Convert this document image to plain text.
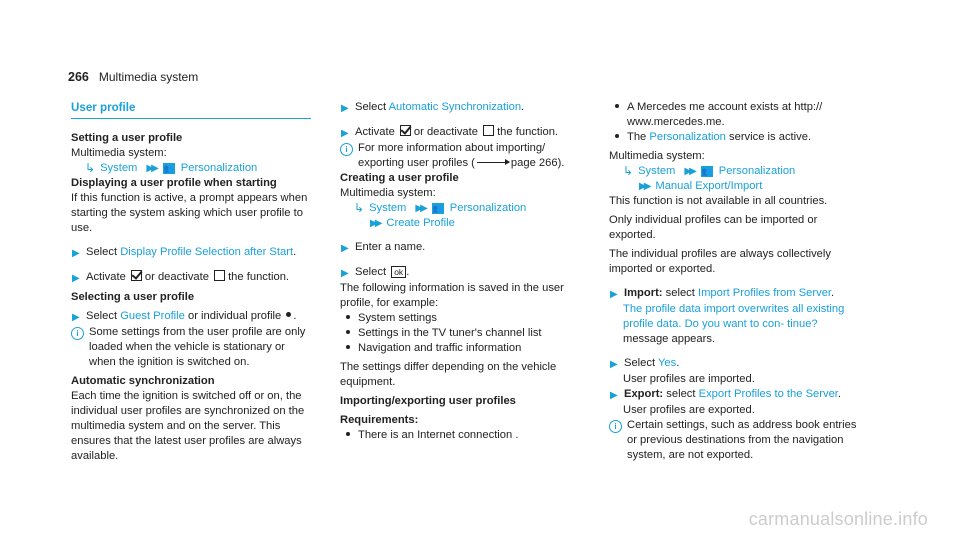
266 Multimedia system
User profile

Setting a user profile

Multimedia system:

↳ System ▶▶ 👥 Personalization

Displaying a user profile when starting

If this function is active, a prompt appears when starting the system asking which user profile to use.

▶ Select Display Profile Selection after Start.
▶ Activate or deactivate the function.

Selecting a user profile

▶ Select Guest Profile or individual profile .
i Some settings from the user profile are only loaded when the vehicle is stationary or when the ignition is switched on.

Automatic synchronization

Each time the ignition is switched off or on, the individual user profiles are synchronized on the multimedia system and on the server. This ensures that the latest user profiles are always available.

▶ Select Automatic Synchronization.
▶ Activate or deactivate the function.
i For more information about importing/ exporting user profiles (	page 266).

Creating a user profile

Multimedia system:

↳ System ▶▶ 👥 Personalization
▶▶ Create Profile
▶ Enter a name.
▶ Select ok .

The following information is saved in the user profile, for example:

System settings
Settings in the TV tuner's channel list
Navigation and traffic information

The settings differ depending on the vehicle equipment.

Importing/exporting user profiles

Requirements:

There is an Internet connection .
A Mercedes me account exists at http:// www.mercedes.me.
The Personalization service is active.

Multimedia system:

↳ System ▶▶ 👥 Personalization
▶▶ Manual Export/Import

This function is not available in all countries.

Only individual profiles can be imported or exported.

The individual profiles are always collectively imported or exported.

▶ Import: select Import Profiles from Server.
The profile data import overwrites all existing profile data. Do you want to con‐ tinue? message appears.
▶ Select Yes.
User profiles are imported.
▶ Export: select Export Profiles to the Server.
User profiles are exported.
i Certain settings, such as address book entries or previous destinations from the navigation system, are not exported.
carmanualsonline.info
